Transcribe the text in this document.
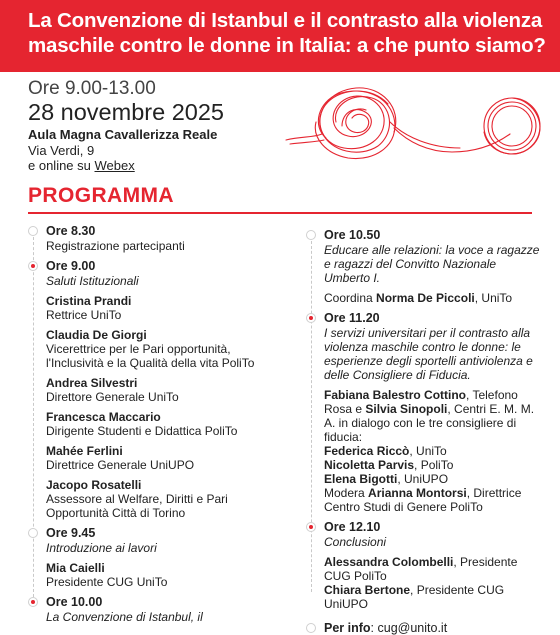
La Convenzione di Istanbul e il contrasto alla violenza
maschile contro le donne in Italia: a che punto siamo?
Ore 9.00-13.00
28 novembre 2025
Aula Magna Cavallerizza Reale
Via Verdi, 9
e online su Webex
PROGRAMMA
Ore 8.30
Registrazione partecipanti
Ore 9.00
Saluti Istituzionali
Cristina Prandi
Rettrice UniTo
Claudia De Giorgi
Vicerettrice per le Pari opportunità, l'Inclusività e la Qualità della vita PoliTo
Andrea Silvestri
Direttore Generale UniTo
Francesca Maccario
Dirigente Studenti e Didattica PoliTo
Mahée Ferlini
Direttrice Generale UniUPO
Jacopo Rosatelli
Assessore al Welfare, Diritti e Pari Opportunità Città di Torino
Ore 9.45
Introduzione ai lavori
Mia Caielli
Presidente CUG UniTo
Ore 10.00
La Convenzione di Istanbul, il
Ore 10.50
Educare alle relazioni: la voce a ragazze e ragazzi del Convitto Nazionale Umberto I.
Coordina Norma De Piccoli, UniTo
Ore 11.20
I servizi universitari per il contrasto alla violenza maschile contro le donne: le esperienze degli sportelli antiviolenza e delle Consigliere di Fiducia.
Fabiana Balestro Cottino, Telefono Rosa e Silvia Sinopoli, Centri E. M. M. A. in dialogo con le tre consigliere di fiducia:
Federica Riccò, UniTo
Nicoletta Parvis, PoliTo
Elena Bigotti, UniUPO
Modera Arianna Montorsi, Direttrice Centro Studi di Genere PoliTo
Ore 12.10
Conclusioni
Alessandra Colombelli, Presidente CUG PoliTo
Chiara Bertone, Presidente CUG UniUPO
Per info: cug@unito.it
